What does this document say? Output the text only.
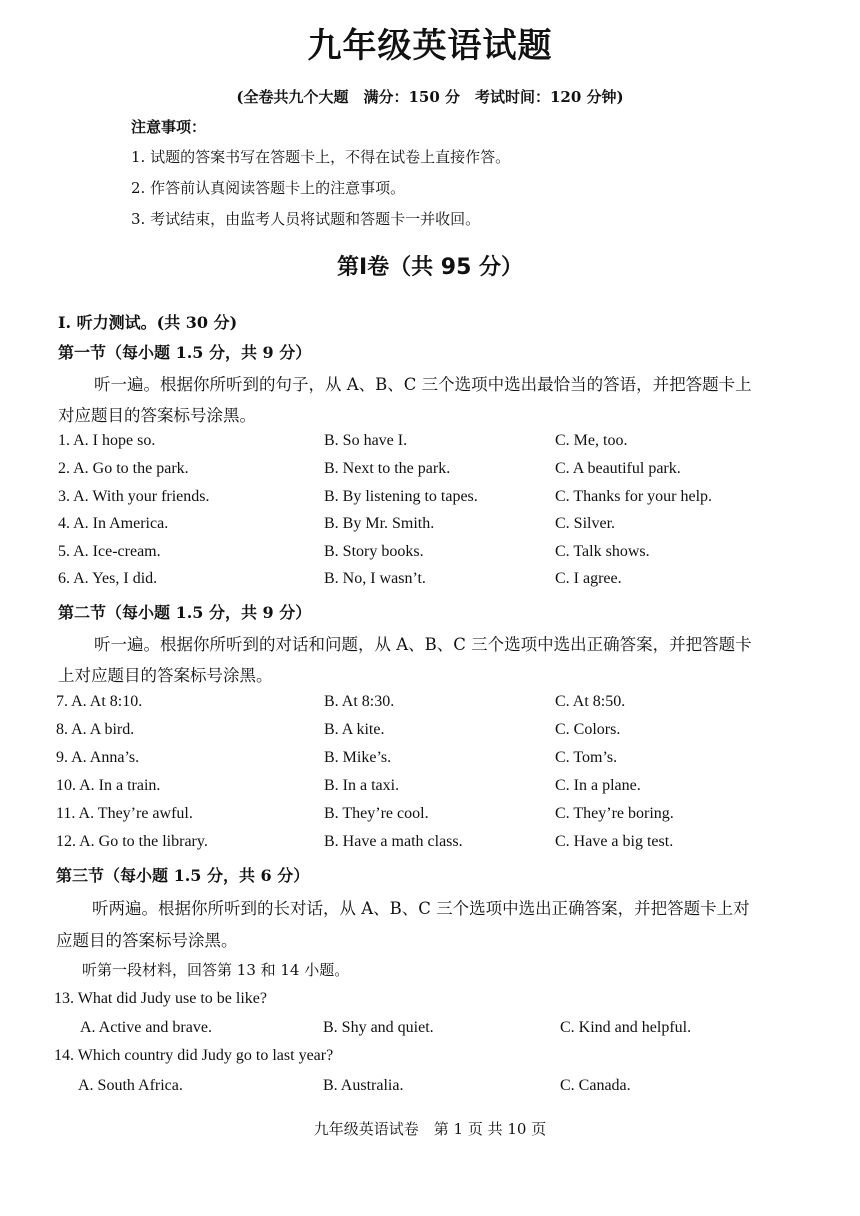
九年级英语试题
(全卷共九个大题　满分：150 分　考试时间：120 分钟)
注意事项：
1. 试题的答案书写在答题卡上，不得在试卷上直接作答。
2. 作答前认真阅读答题卡上的注意事项。
3. 考试结束，由监考人员将试题和答题卡一并收回。
第Ⅰ卷（共 95 分）
I. 听力测试。(共 30 分)
第一节（每小题 1.5 分，共 9 分）
听一遍。根据你所听到的句子，从 A、B、C 三个选项中选出最恰当的答语，并把答题卡上
对应题目的答案标号涂黑。
1. A. I hope so.	B. So have I.	C. Me, too.
2. A. Go to the park.	B. Next to the park.	C. A beautiful park.
3. A. With your friends.	B. By listening to tapes.	C. Thanks for your help.
4. A. In America.	B. By Mr. Smith.	C. Silver.
5. A. Ice-cream.	B. Story books.	C. Talk shows.
6. A. Yes, I did.	B. No, I wasn’t.	C. I agree.
第二节（每小题 1.5 分，共 9 分）
听一遍。根据你所听到的对话和问题，从 A、B、C 三个选项中选出正确答案，并把答题卡
上对应题目的答案标号涂黑。
7. A. At 8:10.	B. At 8:30.	C. At 8:50.
8. A. A bird.	B. A kite.	C. Colors.
9. A. Anna’s.	B. Mike’s.	C. Tom’s.
10. A. In a train.	B. In a taxi.	C. In a plane.
11. A. They’re awful.	B. They’re cool.	C. They’re boring.
12. A. Go to the library.	B. Have a math class.	C. Have a big test.
第三节（每小题 1.5 分，共 6 分）
听两遍。根据你所听到的长对话，从 A、B、C 三个选项中选出正确答案，并把答题卡上对
应题目的答案标号涂黑。
听第一段材料，回答第 13 和 14 小题。
13. What did Judy use to be like?
A. Active and brave.	B. Shy and quiet.	C. Kind and helpful.
14. Which country did Judy go to last year?
A. South Africa.	B. Australia.	C. Canada.
九年级英语试卷　第 1 页 共 10 页
